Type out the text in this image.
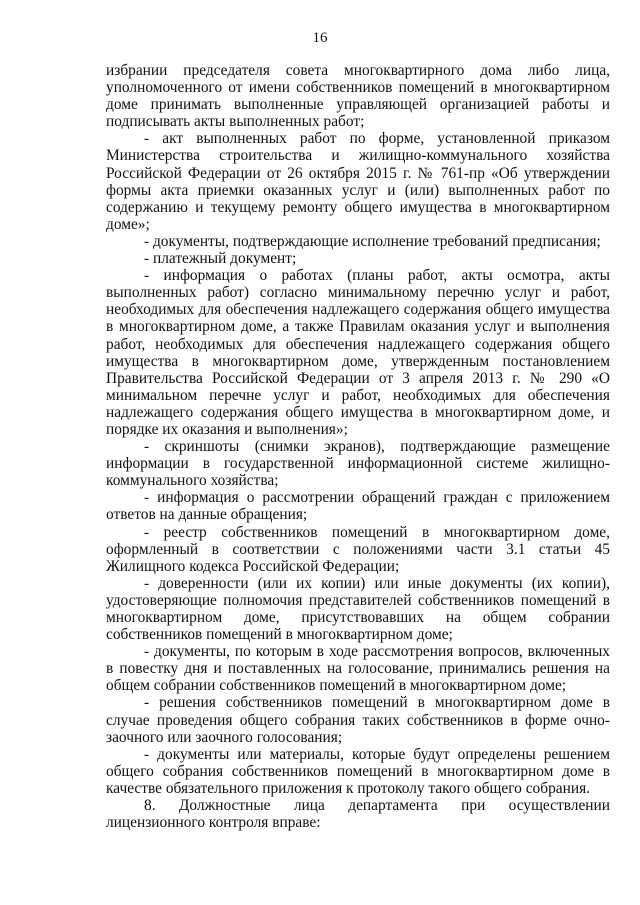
16

избрании председателя совета многоквартирного дома либо лица, уполномоченного от имени собственников помещений в многоквартирном доме принимать выполненные управляющей организацией работы и подписывать акты выполненных работ;

- акт выполненных работ по форме, установленной приказом Министерства строительства и жилищно-коммунального хозяйства Российской Федерации от 26 октября 2015 г. № 761-пр «Об утверждении формы акта приемки оказанных услуг и (или) выполненных работ по содержанию и текущему ремонту общего имущества в многоквартирном доме»;

- документы, подтверждающие исполнение требований предписания;

- платежный документ;

- информация о работах (планы работ, акты осмотра, акты выполненных работ) согласно минимальному перечню услуг и работ, необходимых для обеспечения надлежащего содержания общего имущества в многоквартирном доме, а также Правилам оказания услуг и выполнения работ, необходимых для обеспечения надлежащего содержания общего имущества в многоквартирном доме, утвержденным постановлением Правительства Российской Федерации от 3 апреля 2013 г. № 290 «О минимальном перечне услуг и работ, необходимых для обеспечения надлежащего содержания общего имущества в многоквартирном доме, и порядке их оказания и выполнения»;

- скриншоты (снимки экранов), подтверждающие размещение информации в государственной информационной системе жилищно-коммунального хозяйства;

- информация о рассмотрении обращений граждан с приложением ответов на данные обращения;

- реестр собственников помещений в многоквартирном доме, оформленный в соответствии с положениями части 3.1 статьи 45 Жилищного кодекса Российской Федерации;

- доверенности (или их копии) или иные документы (их копии), удостоверяющие полномочия представителей собственников помещений в многоквартирном доме, присутствовавших на общем собрании собственников помещений в многоквартирном доме;

- документы, по которым в ходе рассмотрения вопросов, включенных в повестку дня и поставленных на голосование, принимались решения на общем собрании собственников помещений в многоквартирном доме;

- решения собственников помещений в многоквартирном доме в случае проведения общего собрания таких собственников в форме очно-заочного или заочного голосования;

- документы или материалы, которые будут определены решением общего собрания собственников помещений в многоквартирном доме в качестве обязательного приложения к протоколу такого общего собрания.

8. Должностные лица департамента при осуществлении лицензионного контроля вправе:
